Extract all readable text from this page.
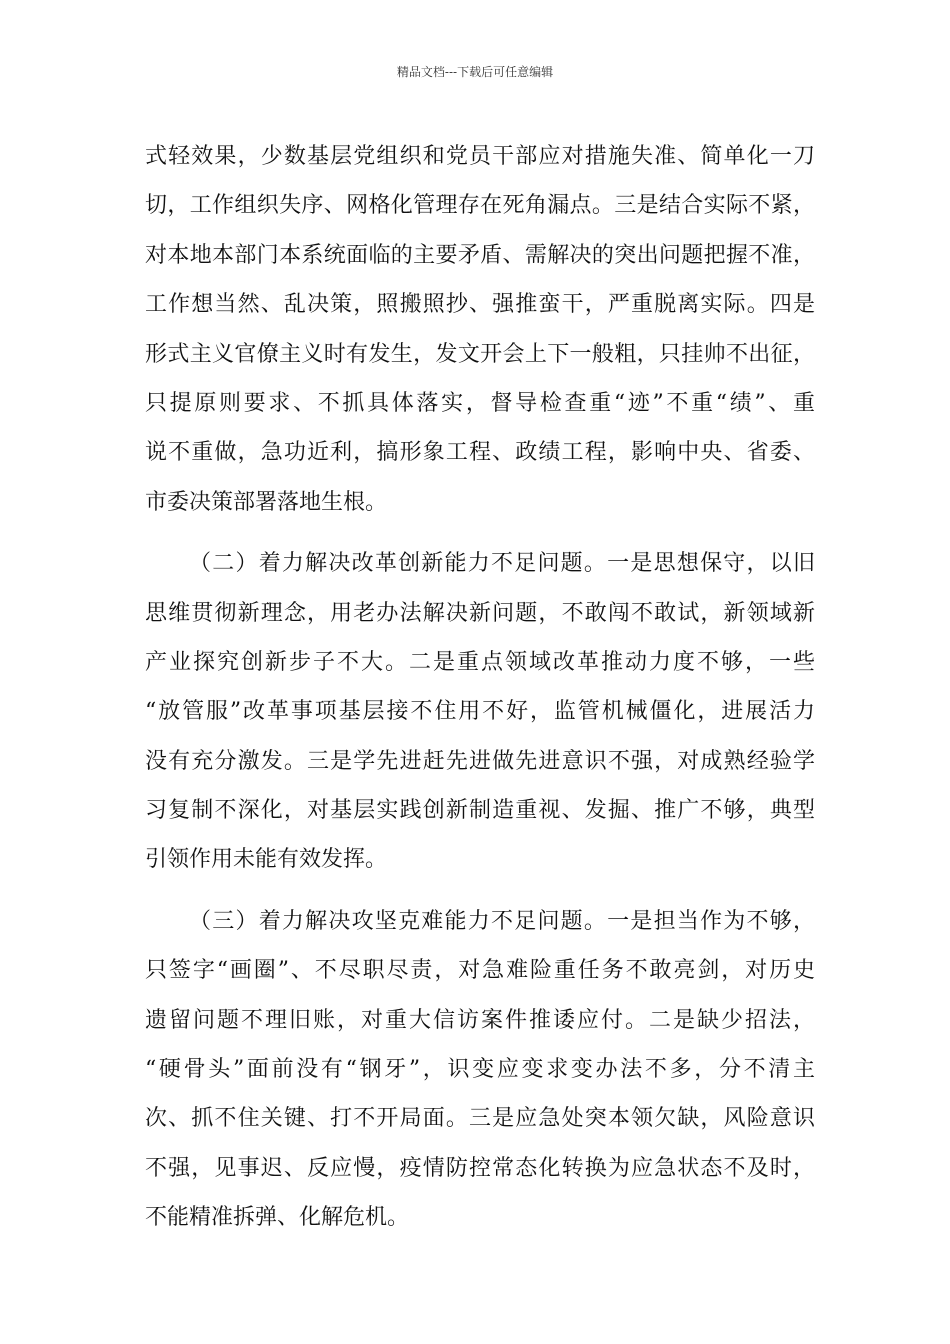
精品文档---下载后可任意编辑
式轻效果，少数基层党组织和党员干部应对措施失准、简单化一刀
切，工作组织失序、网格化管理存在死角漏点。三是结合实际不紧，
对本地本部门本系统面临的主要矛盾、需解决的突出问题把握不准，
工作想当然、乱决策，照搬照抄、强推蛮干，严重脱离实际。四是
形式主义官僚主义时有发生，发文开会上下一般粗，只挂帅不出征，
只提原则要求、不抓具体落实，督导检查重“迹”不重“绩”、重
说不重做，急功近利，搞形象工程、政绩工程，影响中央、省委、
市委决策部署落地生根。
（二）着力解决改革创新能力不足问题。一是思想保守，以旧
思维贯彻新理念，用老办法解决新问题，不敢闯不敢试，新领域新
产业探究创新步子不大。二是重点领域改革推动力度不够，一些
“放管服”改革事项基层接不住用不好，监管机械僵化，进展活力
没有充分激发。三是学先进赶先进做先进意识不强，对成熟经验学
习复制不深化，对基层实践创新制造重视、发掘、推广不够，典型
引领作用未能有效发挥。
（三）着力解决攻坚克难能力不足问题。一是担当作为不够，
只签字“画圈”、不尽职尽责，对急难险重任务不敢亮剑，对历史
遗留问题不理旧账，对重大信访案件推诿应付。二是缺少招法，
“硬骨头”面前没有“钢牙”，识变应变求变办法不多，分不清主
次、抓不住关键、打不开局面。三是应急处突本领欠缺，风险意识
不强，见事迟、反应慢，疫情防控常态化转换为应急状态不及时，
不能精准拆弹、化解危机。
